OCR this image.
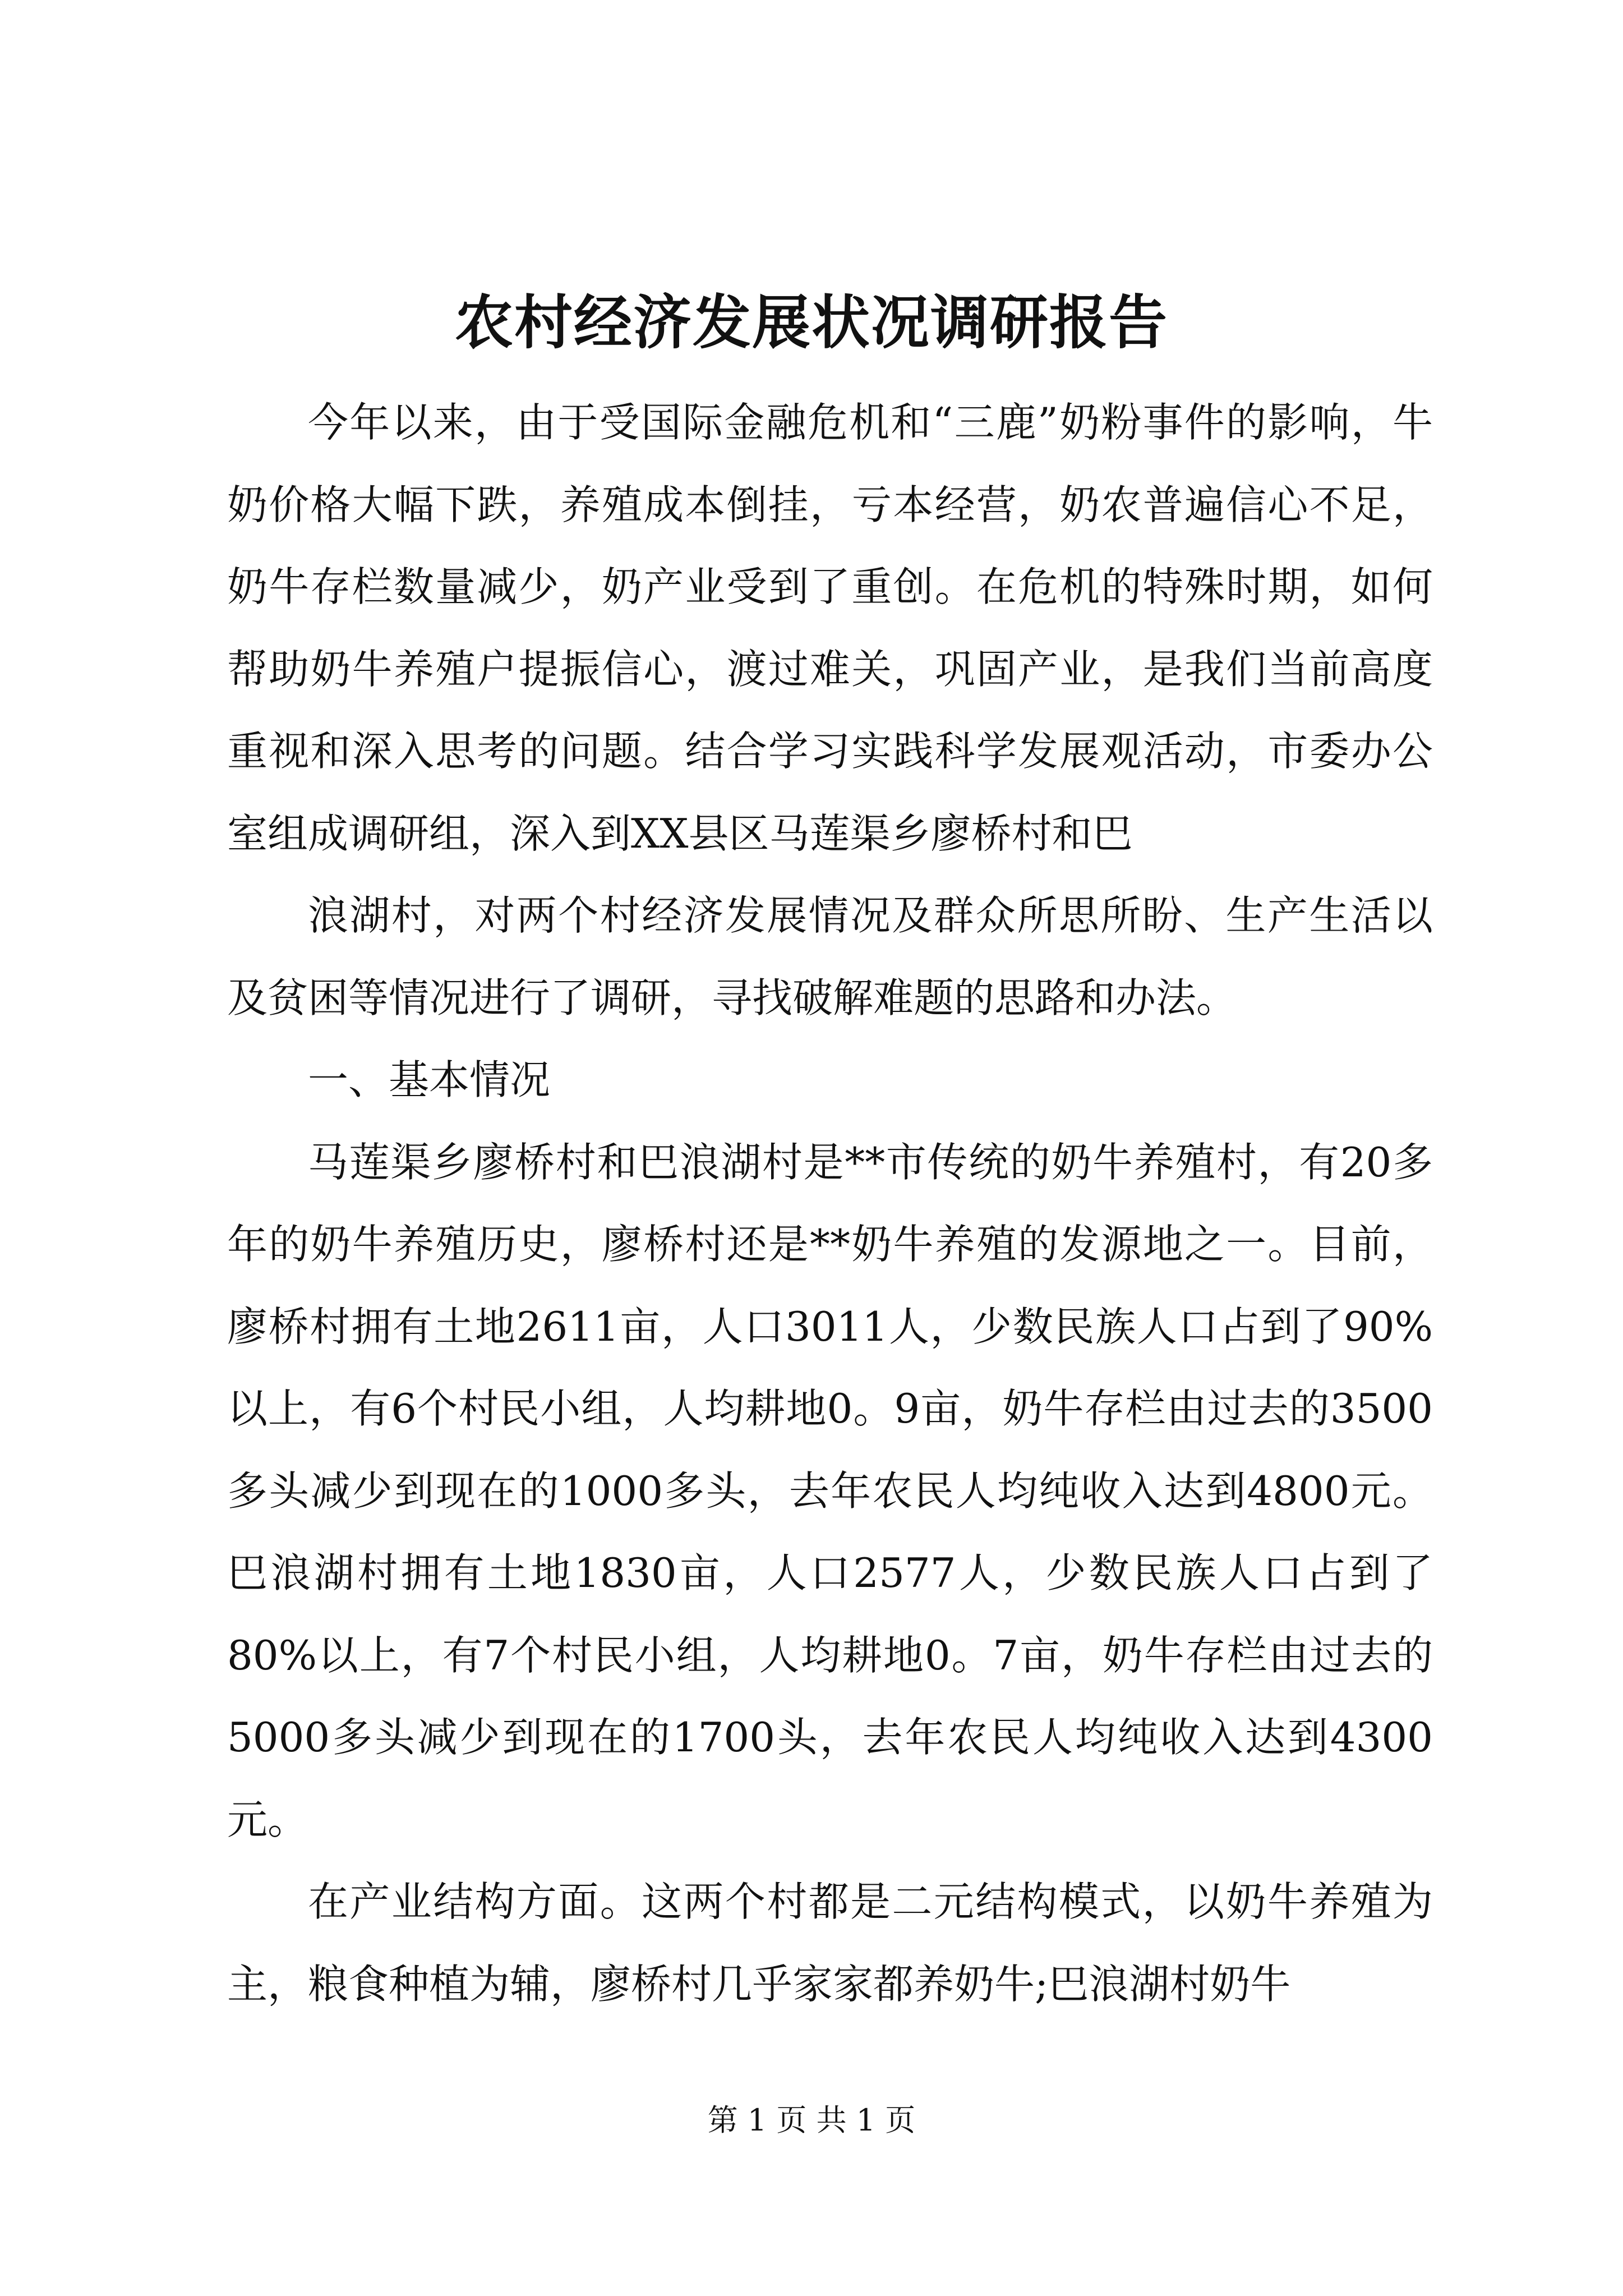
农村经济发展状况调研报告

今年以来，由于受国际金融危机和“三鹿”奶粉事件的影响，牛奶价格大幅下跌，养殖成本倒挂，亏本经营，奶农普遍信心不足，奶牛存栏数量减少，奶产业受到了重创。在危机的特殊时期，如何帮助奶牛养殖户提振信心，渡过难关，巩固产业，是我们当前高度重视和深入思考的问题。结合学习实践科学发展观活动，市委办公室组成调研组，深入到XX县区马莲渠乡廖桥村和巴

浪湖村，对两个村经济发展情况及群众所思所盼、生产生活以及贫困等情况进行了调研，寻找破解难题的思路和办法。

一、基本情况

马莲渠乡廖桥村和巴浪湖村是**市传统的奶牛养殖村，有20多年的奶牛养殖历史，廖桥村还是**奶牛养殖的发源地之一。目前，廖桥村拥有土地2611亩，人口3011人，少数民族人口占到了90%以上，有6个村民小组，人均耕地0。9亩，奶牛存栏由过去的3500多头减少到现在的1000多头，去年农民人均纯收入达到4800元。巴浪湖村拥有土地1830亩，人口2577人，少数民族人口占到了80%以上，有7个村民小组，人均耕地0。7亩，奶牛存栏由过去的5000多头减少到现在的1700头，去年农民人均纯收入达到4300元。

在产业结构方面。这两个村都是二元结构模式，以奶牛养殖为主，粮食种植为辅，廖桥村几乎家家都养奶牛;巴浪湖村奶牛

第 1 页 共 1 页
